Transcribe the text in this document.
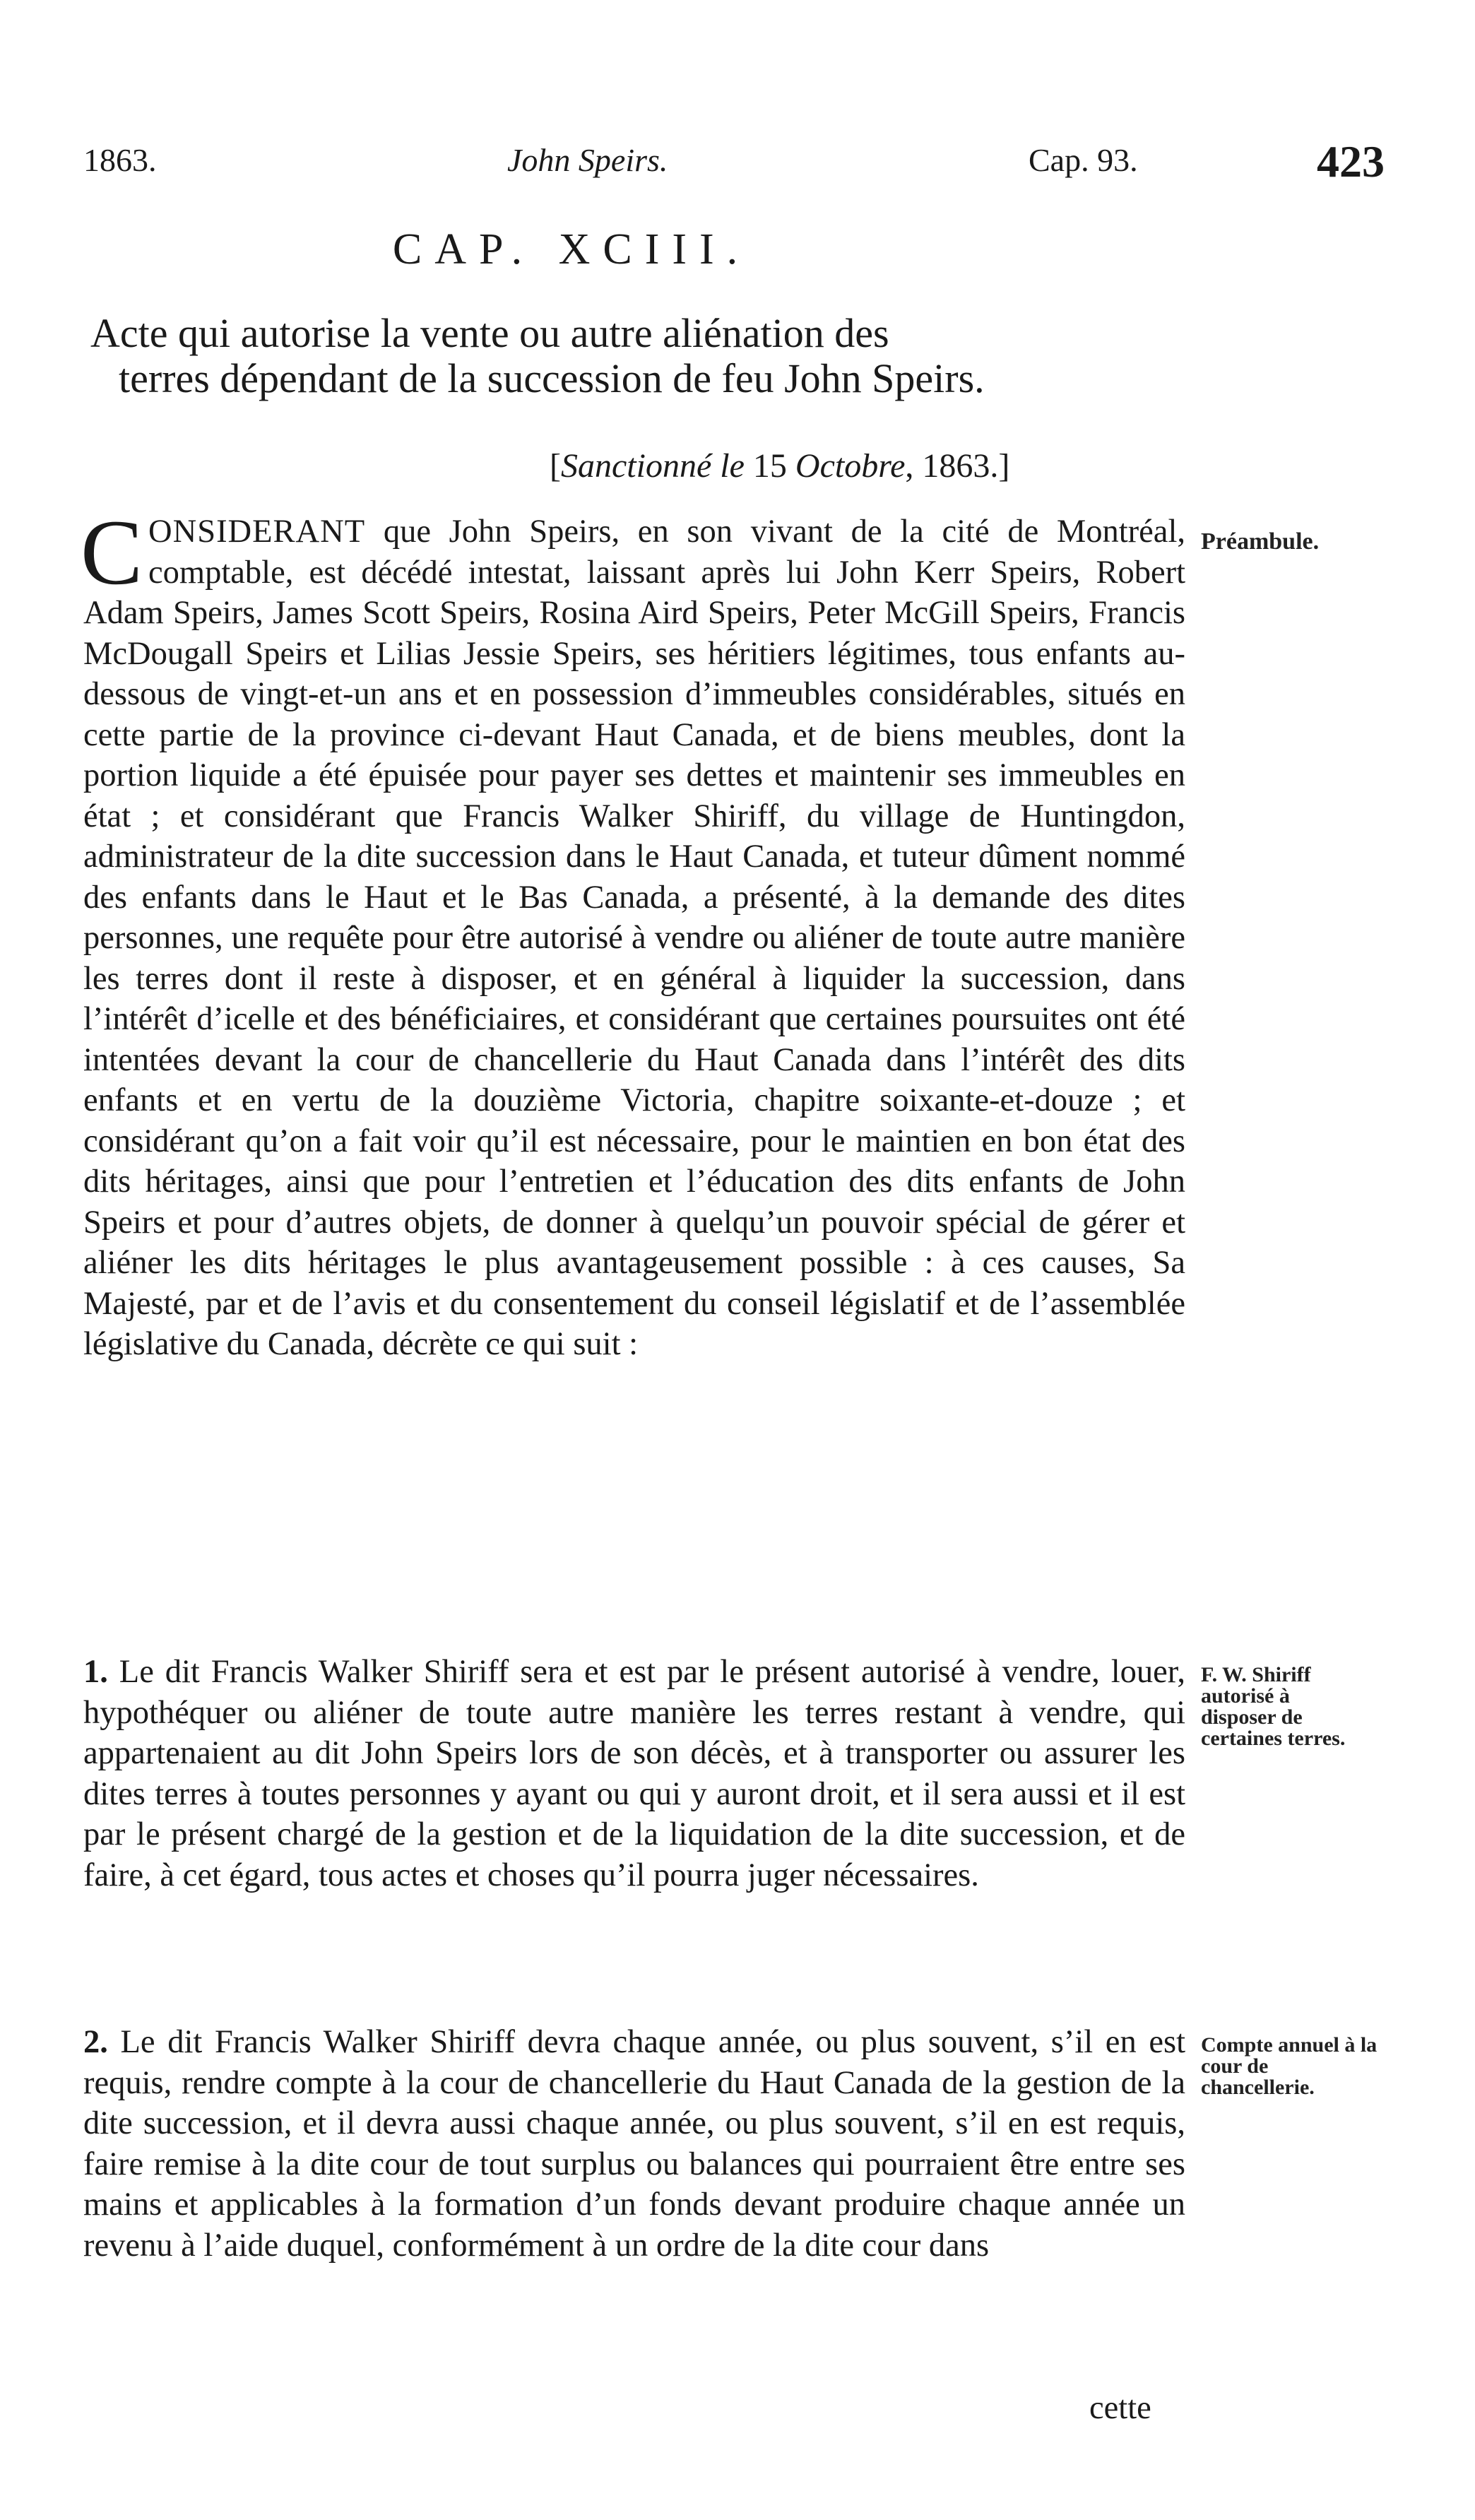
1863.	John Speirs.	Cap. 93.	423
CAP. XCIII.
Acte qui autorise la vente ou autre aliénation des
terres dépendant de la succession de feu John Speirs.
[Sanctionné le 15 Octobre, 1863.]
CONSIDERANT que John Speirs, en son vivant de la cité de Montréal, comptable, est décédé intestat, laissant après lui John Kerr Speirs, Robert Adam Speirs, James Scott Speirs, Rosina Aird Speirs, Peter McGill Speirs, Francis McDougall Speirs et Lilias Jessie Speirs, ses héritiers légitimes, tous enfants au-dessous de vingt-et-un ans et en possession d’immeubles considérables, situés en cette partie de la province ci-devant Haut Canada, et de biens meubles, dont la portion liquide a été épuisée pour payer ses dettes et maintenir ses immeubles en état ; et considérant que Francis Walker Shiriff, du village de Huntingdon, administrateur de la dite succession dans le Haut Canada, et tuteur dûment nommé des enfants dans le Haut et le Bas Canada, a présenté, à la demande des dites personnes, une requête pour être autorisé à vendre ou aliéner de toute autre manière les terres dont il reste à disposer, et en général à liquider la succession, dans l’intérêt d’icelle et des bénéficiaires, et considérant que certaines poursuites ont été intentées devant la cour de chancellerie du Haut Canada dans l’intérêt des dits enfants et en vertu de la douzième Victoria, chapitre soixante-et-douze ; et considérant qu’on a fait voir qu’il est nécessaire, pour le maintien en bon état des dits héritages, ainsi que pour l’entretien et l’éducation des dits enfants de John Speirs et pour d’autres objets, de donner à quelqu’un pouvoir spécial de gérer et aliéner les dits héritages le plus avantageusement possible : à ces causes, Sa Majesté, par et de l’avis et du consentement du conseil législatif et de l’assemblée législative du Canada, décrète ce qui suit :
Préambule.
1. Le dit Francis Walker Shiriff sera et est par le présent autorisé à vendre, louer, hypothéquer ou aliéner de toute autre manière les terres restant à vendre, qui appartenaient au dit John Speirs lors de son décès, et à transporter ou assurer les dites terres à toutes personnes y ayant ou qui y auront droit, et il sera aussi et il est par le présent chargé de la gestion et de la liquidation de la dite succession, et de faire, à cet égard, tous actes et choses qu’il pourra juger nécessaires.
F. W. Shiriff autorisé à disposer de certaines terres.
2. Le dit Francis Walker Shiriff devra chaque année, ou plus souvent, s’il en est requis, rendre compte à la cour de chancellerie du Haut Canada de la gestion de la dite succession, et il devra aussi chaque année, ou plus souvent, s’il en est requis, faire remise à la dite cour de tout surplus ou balances qui pourraient être entre ses mains et applicables à la formation d’un fonds devant produire chaque année un revenu à l’aide duquel, conformément à un ordre de la dite cour dans
Compte annuel à la cour de chancellerie.
cette
